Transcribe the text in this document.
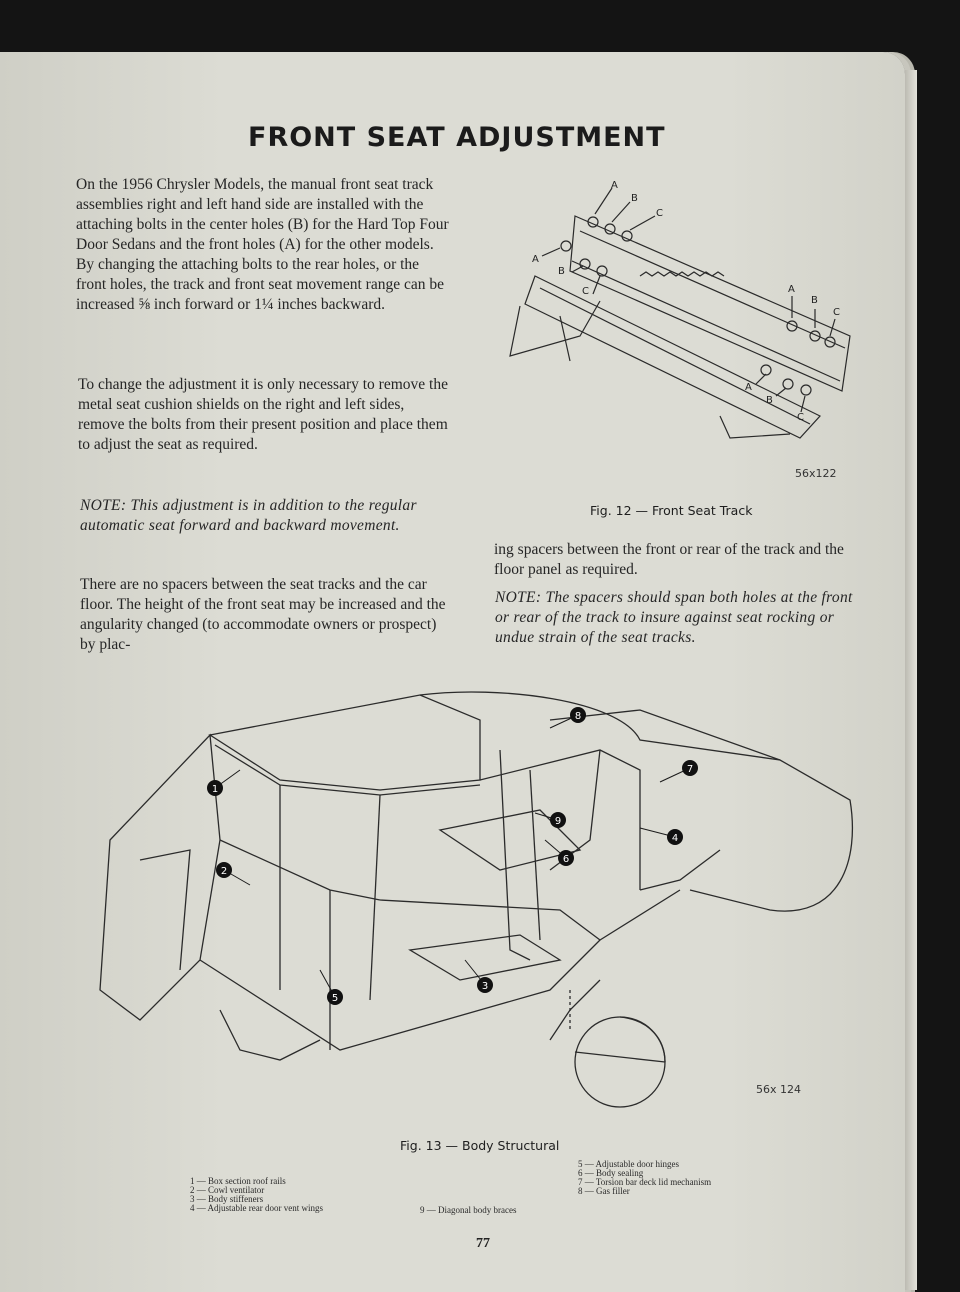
FRONT SEAT ADJUSTMENT

On the 1956 Chrysler Models, the manual front seat track assemblies right and left hand side are installed with the attaching bolts in the center holes (B) for the Hard Top Four Door Sedans and the front holes (A) for the other models. By changing the attaching bolts to the rear holes, or the front holes, the track and front seat movement range can be increased ⅝ inch forward or 1¼ inches backward.

To change the adjustment it is only necessary to remove the metal seat cushion shields on the right and left sides, remove the bolts from their present position and place them to adjust the seat as required.

NOTE: This adjustment is in addition to the regular automatic seat forward and backward movement.

There are no spacers between the seat tracks and the car floor. The height of the front seat may be increased and the angularity changed (to accommodate owners or prospect) by plac-

ing spacers between the front or rear of the track and the floor panel as required.

NOTE: The spacers should span both holes at the front or rear of the track to insure against seat rocking or undue strain of the seat tracks.

A
B
C
A
B
C	A
B
C
A
B
C
56x122

Fig. 12 — Front Seat Track

1
2
3
4
5
6
7
8
9
56x 124

Fig. 13 — Body Structural

1 — Box section roof rails
2 — Cowl ventilator
3 — Body stiffeners
4 — Adjustable rear door vent wings
5 — Adjustable door hinges
6 — Body sealing
7 — Torsion bar deck lid mechanism
8 — Gas filler

9 — Diagonal body braces

77
